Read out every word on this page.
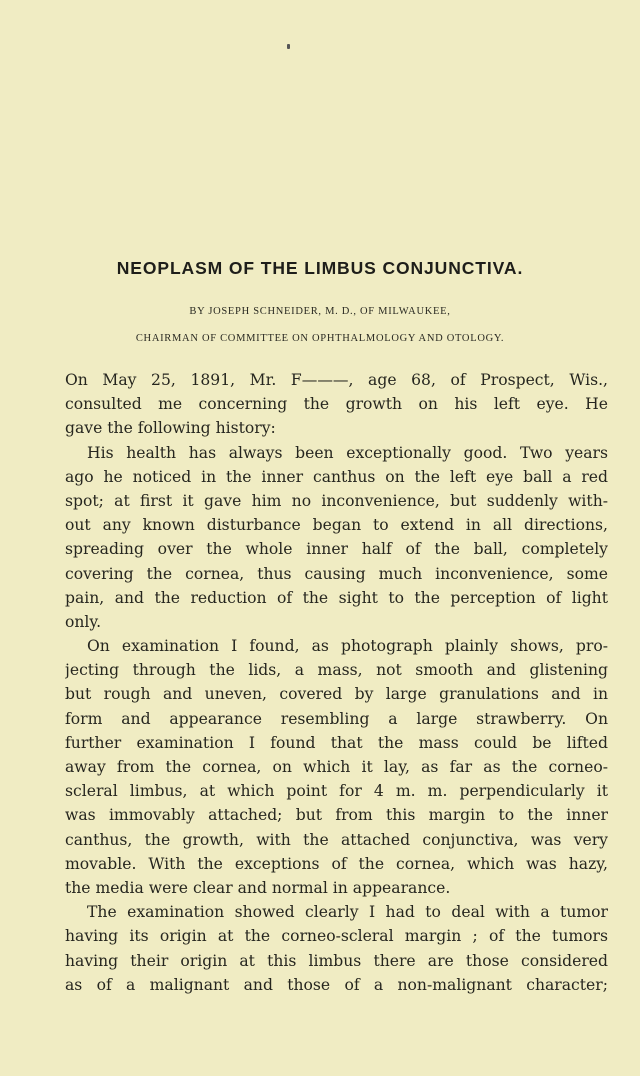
NEOPLASM OF THE LIMBUS CONJUNCTIVA.
BY JOSEPH SCHNEIDER, M. D., OF MILWAUKEE,
CHAIRMAN OF COMMITTEE ON OPHTHALMOLOGY AND OTOLOGY.
On May 25, 1891, Mr. F———, age 68, of Prospect, Wis.,
consulted me concerning the growth on his left eye. He
gave the following history:
His health has always been exceptionally good. Two years
ago he noticed in the inner canthus on the left eye ball a red
spot; at first it gave him no inconvenience, but suddenly with-
out any known disturbance began to extend in all directions,
spreading over the whole inner half of the ball, completely
covering the cornea, thus causing much inconvenience, some
pain, and the reduction of the sight to the perception of light
only.
On examination I found, as photograph plainly shows, pro-
jecting through the lids, a mass, not smooth and glistening
but rough and uneven, covered by large granulations and in
form and appearance resembling a large strawberry. On
further examination I found that the mass could be lifted
away from the cornea, on which it lay, as far as the corneo-
scleral limbus, at which point for 4 m. m. perpendicularly it
was immovably attached; but from this margin to the inner
canthus, the growth, with the attached conjunctiva, was very
movable. With the exceptions of the cornea, which was hazy,
the media were clear and normal in appearance.
The examination showed clearly I had to deal with a tumor
having its origin at the corneo-scleral margin ; of the tumors
having their origin at this limbus there are those considered
as of a malignant and those of a non-malignant character;
